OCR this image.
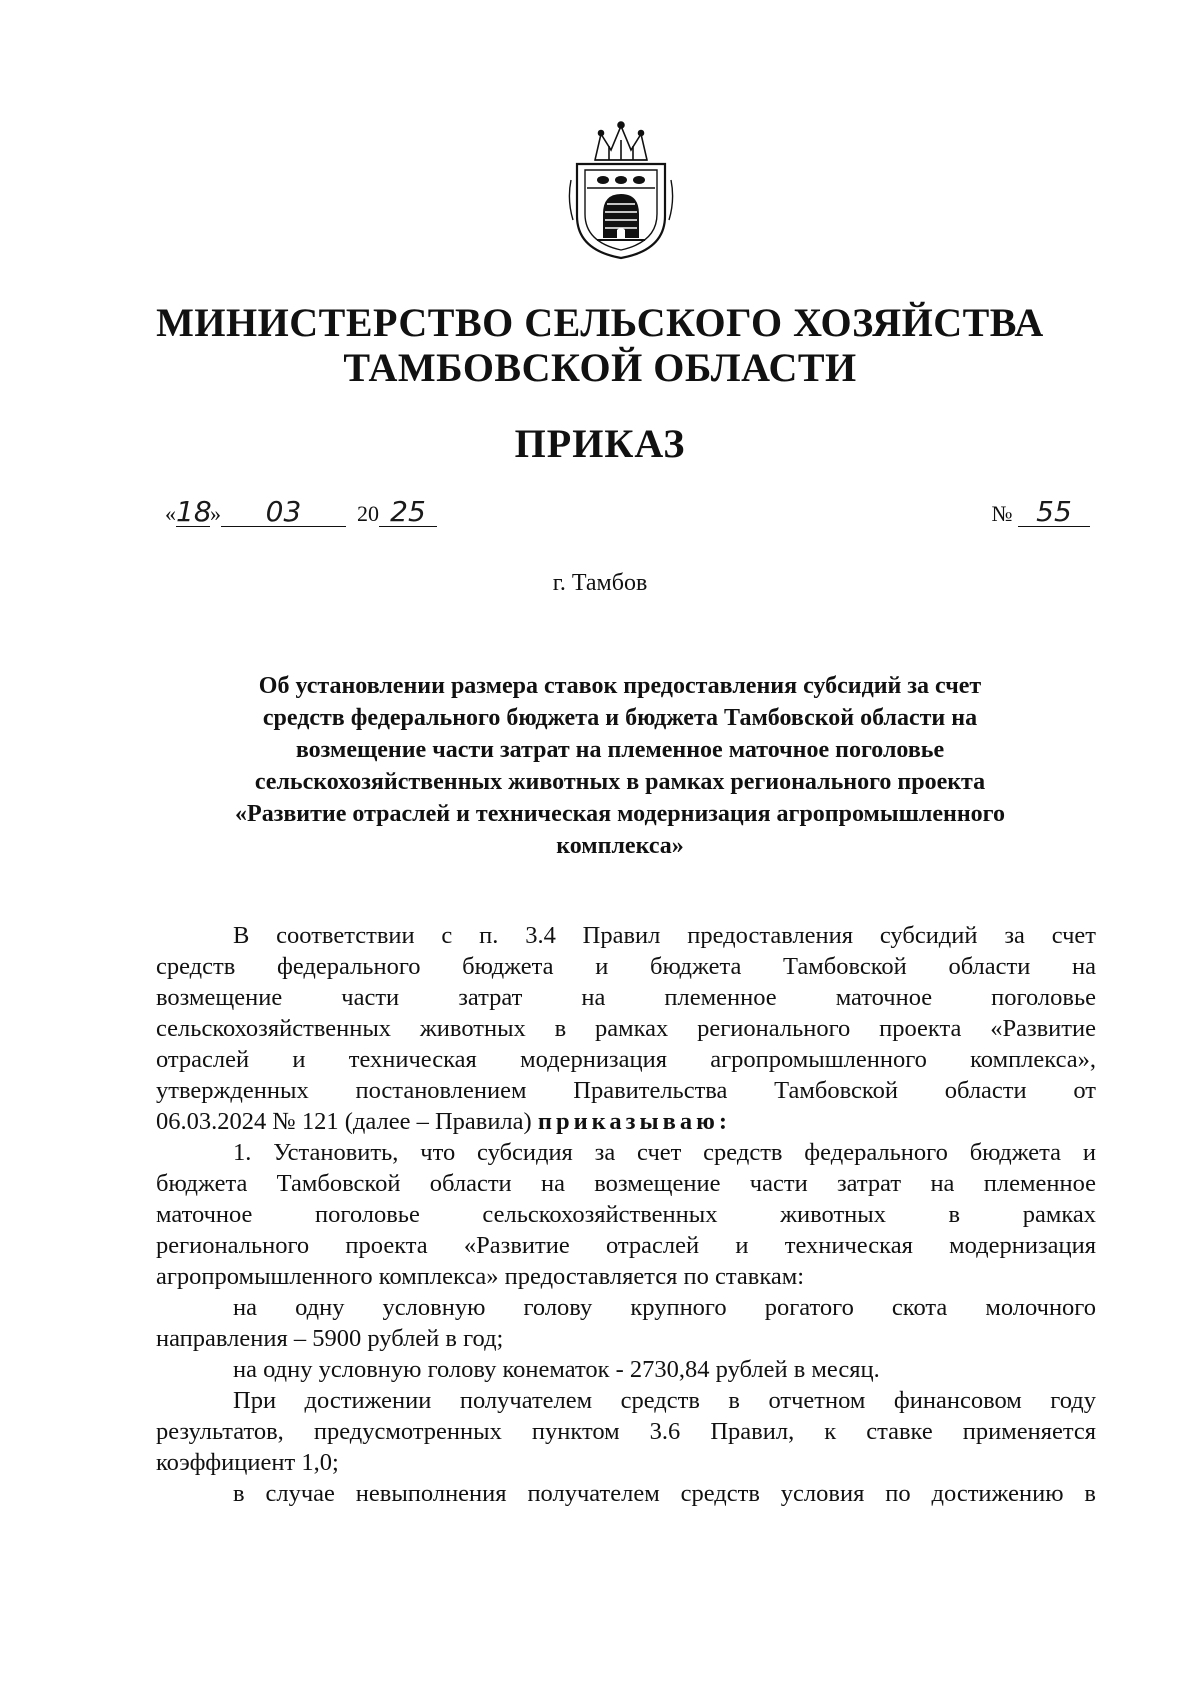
МИНИСТЕРСТВО СЕЛЬСКОГО ХОЗЯЙСТВА
ТАМБОВСКОЙ ОБЛАСТИ
ПРИКАЗ
«18» 03	20 25	№ 55
г. Тамбов
Об установлении размера ставок предоставления субсидий за счет
средств федерального бюджета и бюджета Тамбовской области на
возмещение части затрат на племенное маточное поголовье
сельскохозяйственных животных в рамках регионального проекта
«Развитие отраслей и техническая модернизация агропромышленного
комплекса»
В соответствии с п. 3.4 Правил предоставления субсидий за счет
средств федерального бюджета и бюджета Тамбовской области на
возмещение части затрат на племенное маточное поголовье
сельскохозяйственных животных в рамках регионального проекта «Развитие
отраслей и техническая модернизация агропромышленного комплекса»,
утвержденных постановлением Правительства Тамбовской области от
06.03.2024 № 121 (далее – Правила) приказываю:
1. Установить, что субсидия за счет средств федерального бюджета и
бюджета Тамбовской области на возмещение части затрат на племенное
маточное поголовье сельскохозяйственных животных в рамках
регионального проекта «Развитие отраслей и техническая модернизация
агропромышленного комплекса» предоставляется по ставкам:
на одну условную голову крупного рогатого скота молочного
направления – 5900 рублей в год;
на одну условную голову конематок - 2730,84 рублей в месяц.
При достижении получателем средств в отчетном финансовом году
результатов, предусмотренных пунктом 3.6 Правил, к ставке применяется
коэффициент 1,0;
в случае невыполнения получателем средств условия по достижению в
